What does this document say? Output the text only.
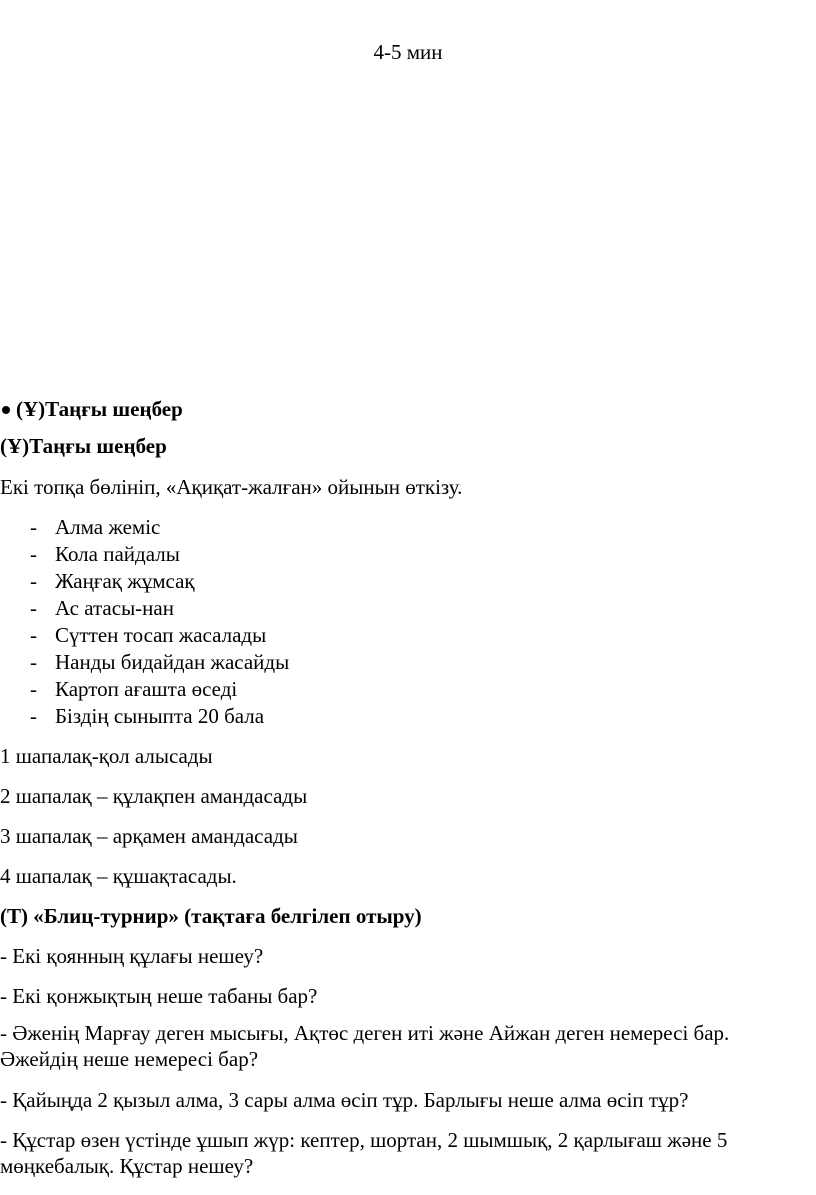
4-5 мин
(Ұ)Таңғы шеңбер
(Ұ)Таңғы шеңбер
Екі топқа бөлініп, «Ақиқат-жалған» ойынын өткізу.
- Алма жеміс
- Кола пайдалы
- Жаңғақ жұмсақ
- Ас атасы-нан
- Сүттен тосап жасалады
- Нанды бидайдан жасайды
- Картоп ағашта өседі
- Біздің сыныпта 20 бала
1 шапалақ-қол алысады
2 шапалақ – құлақпен амандасады
3 шапалақ – арқамен амандасады
4 шапалақ – құшақтасады.
(Т) «Блиц-турнир» (тақтаға белгілеп отыру)
- Екі қоянның құлағы нешеу?
- Екі қонжықтың неше табаны бар?
- Әженің Марғау деген мысығы, Ақтөс деген иті және Айжан деген немересі бар. Әжейдің неше немересі бар?
- Қайыңда 2 қызыл алма, 3 сары алма өсіп тұр. Барлығы неше алма өсіп тұр?
- Құстар өзен үстінде ұшып жүр: кептер, шортан, 2 шымшық, 2 қарлығаш және 5 мөңкебалық. Құстар нешеу?
